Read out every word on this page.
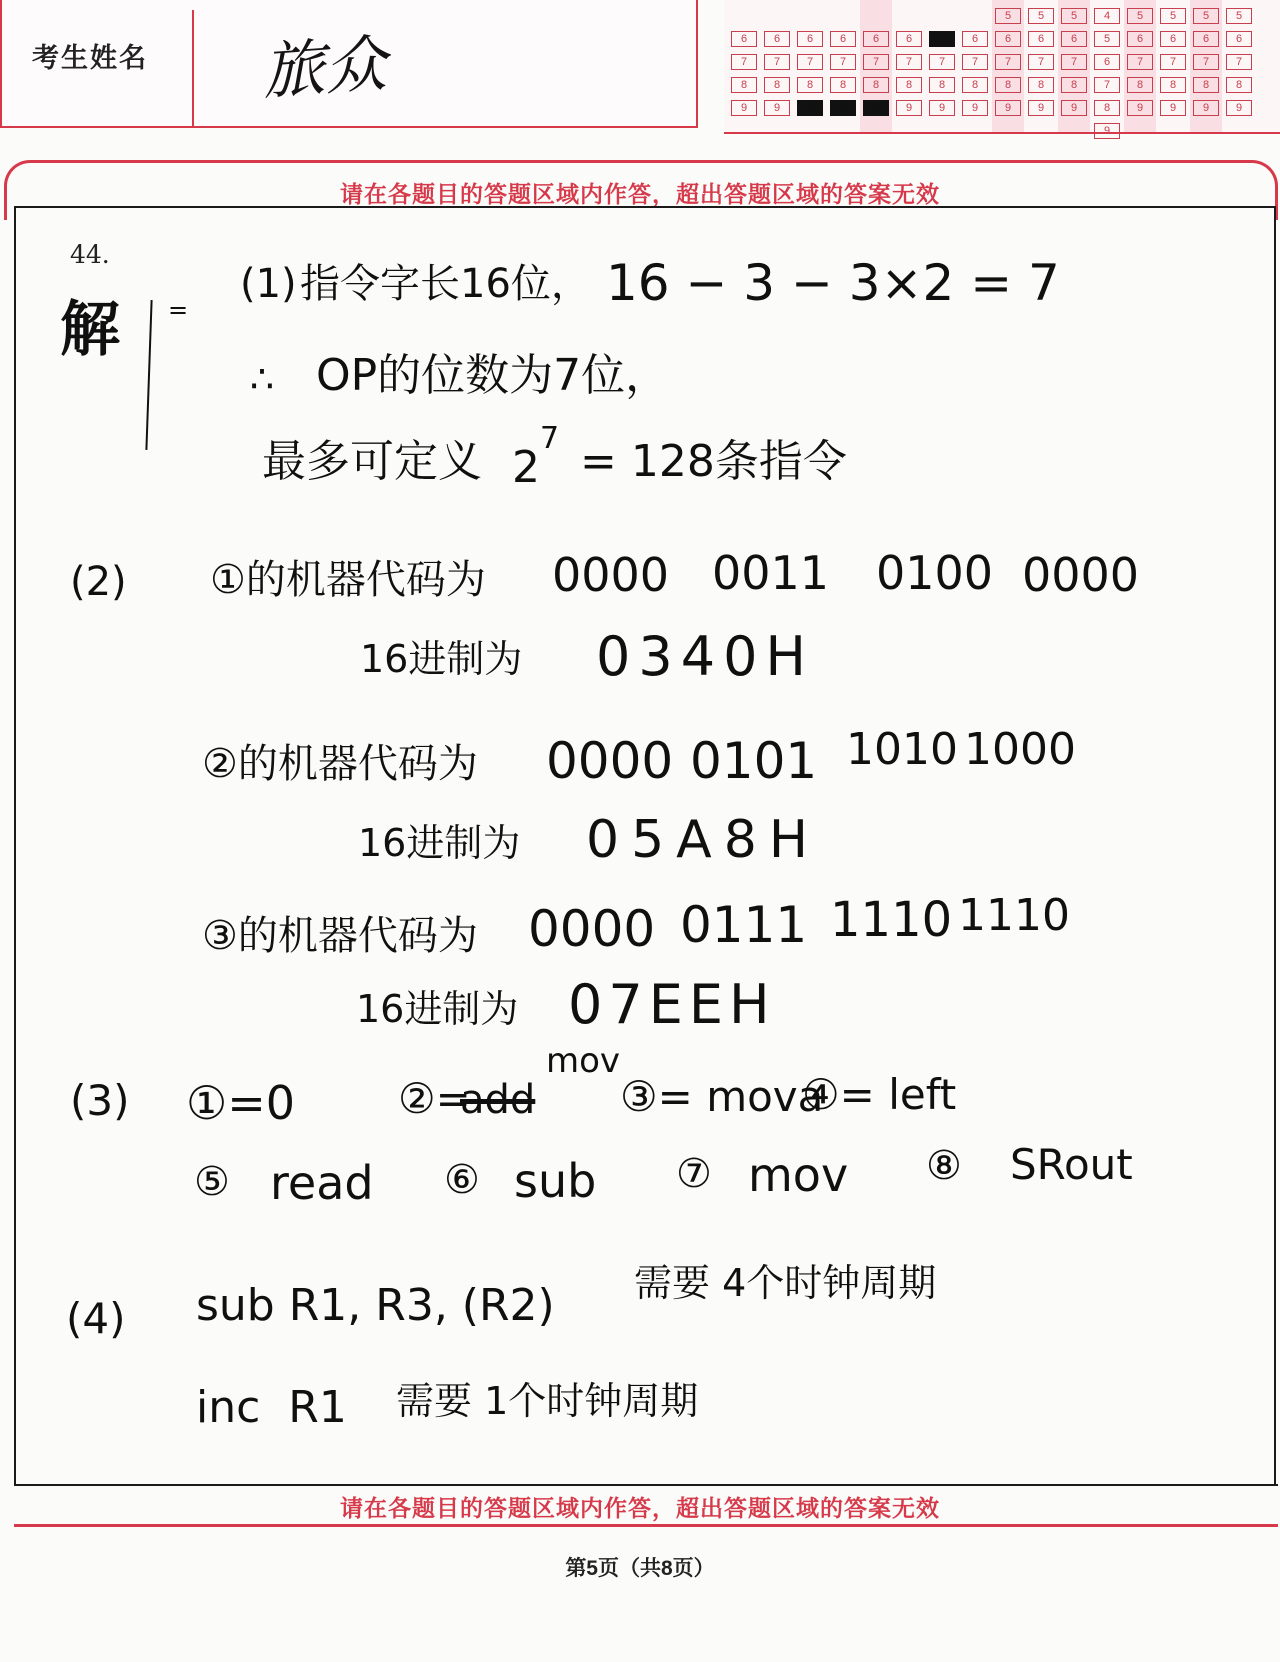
考生姓名 旅众	6
7
8
9
6
7
8
9
6
7
8
9
6
7
8
9
6
7
8
9
6
7
8
9
6
7
8
9
6
7
8
9
5
6
7
8
9
5
6
7
8
9
5
6
7
8
9
4
5
6
7
8
9
5
6
7
8
9
5
6
7
8
9
5
6
7
8
9
5
6
7
8
9
请在各题目的答题区域内作答，超出答题区域的答案无效
请在各题目的答题区域内作答，超出答题区域的答案无效
第5页（共8页）
44.
解 =
(1) 指令字长16位， 16 − 3 − 3×2 = 7
∴ OP的位数为7位，
最多可定义 2
7 = 128条指令
(2) ①的机器代码为 0000 0011 0100 0000
16进制为 0340H
②的机器代码为 0000 0101 1010 1000
16进制为 05A8H
③的机器代码为 0000 0111 1110 1110
16进制为 07EEH
(3) ①=0 ②=
add
mov
③= mova
④= left
⑤ read ⑥ sub ⑦ mov ⑧ SRout
(4) sub R1, R3, (R2) 需要 4个时钟周期
inc  R1 需要 1个时钟周期
